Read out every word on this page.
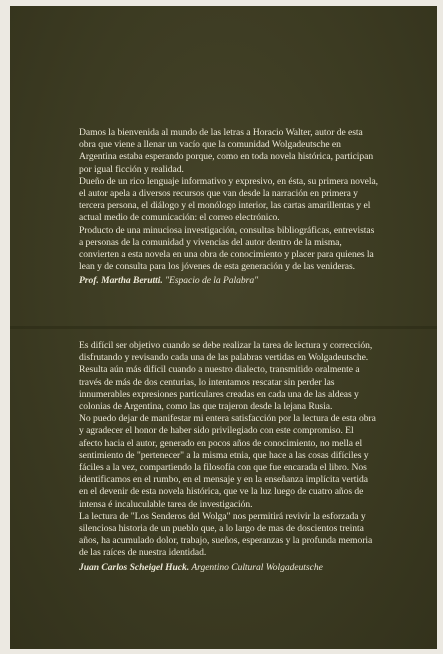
Damos la bienvenida al mundo de las letras a Horacio Walter, autor de esta obra que viene a llenar un vacío que la comunidad Wolgadeutsche en Argentina estaba esperando porque, como en toda novela histórica, participan por igual ficción y realidad.

Dueño de un rico lenguaje informativo y expresivo, en ésta, su primera novela, el autor apela a diversos recursos que van desde la narración en primera y tercera persona, el diálogo y el monólogo interior, las cartas amarillentas y el actual medio de comunicación: el correo electrónico.

Producto de una minuciosa investigación, consultas bibliográficas, entrevistas a personas de la comunidad y vivencias del autor dentro de la misma, convierten a esta novela en una obra de conocimiento y placer para quienes la lean y de consulta para los jóvenes de esta generación y de las venideras.

Prof. Martha Berutti. "Espacio de la Palabra"

Es difícil ser objetivo cuando se debe realizar la tarea de lectura y corrección, disfrutando y revisando cada una de las palabras vertidas en Wolgadeutsche. Resulta aún más difícil cuando a nuestro dialecto, transmitido oralmente a través de más de dos centurias, lo intentamos rescatar sin perder las innumerables expresiones particulares creadas en cada una de las aldeas y colonias de Argentina, como las que trajeron desde la lejana Rusia.

No puedo dejar de manifestar mi entera satisfacción por la lectura de esta obra y agradecer el honor de haber sido privilegiado con este compromiso. El afecto hacia el autor, generado en pocos años de conocimiento, no mella el sentimiento de "pertenecer" a la misma etnia, que hace a las cosas difíciles y fáciles a la vez, compartiendo la filosofía con que fue encarada el libro. Nos identificamos en el rumbo, en el mensaje y en la enseñanza implícita vertida en el devenir de esta novela histórica, que ve la luz luego de cuatro años de intensa é incaluculable tarea de investigación.

La lectura de "Los Senderos del Wolga" nos permitirá revivir la esforzada y silenciosa historia de un pueblo que, a lo largo de mas de doscientos treinta años, ha acumulado dolor, trabajo, sueños, esperanzas y la profunda memoria de las raíces de nuestra identidad.

Juan Carlos Scheigel Huck. Argentino Cultural Wolgadeutsche
